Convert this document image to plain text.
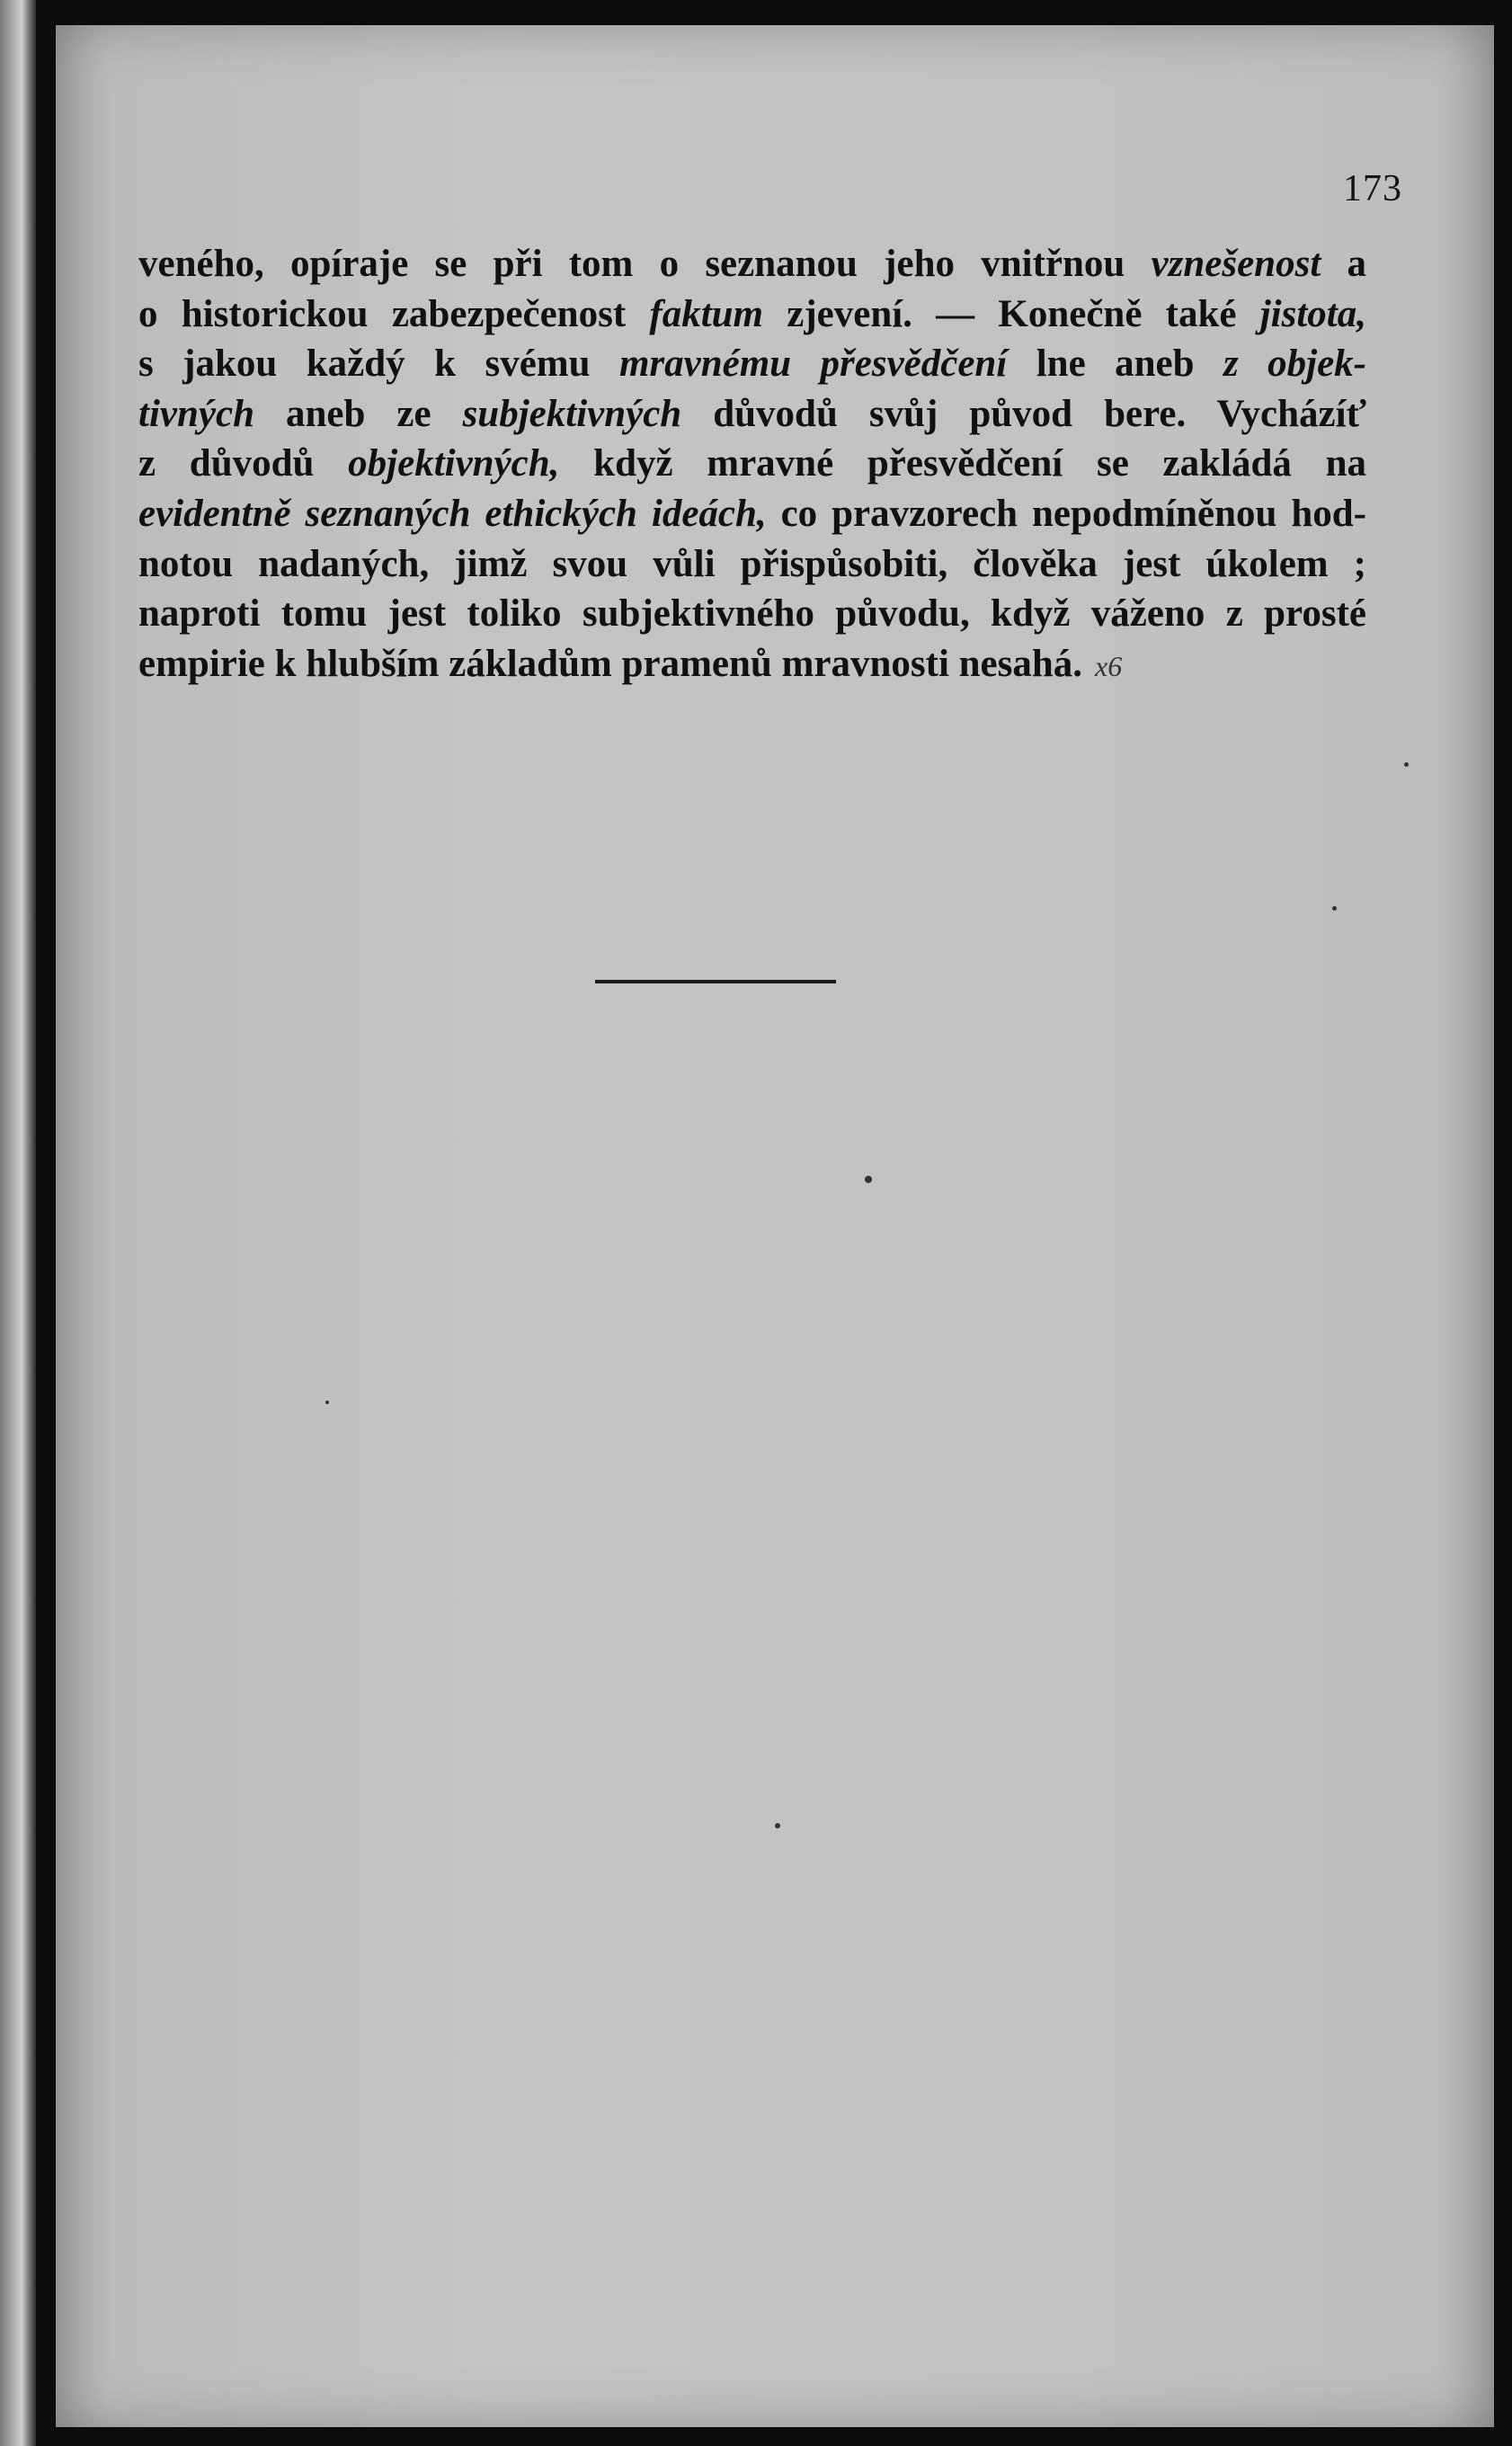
173

veného, opíraje se při tom o seznanou jeho vnitřnou vznešenost a
o historickou zabezpečenost faktum zjevení. — Konečně také jistota,
s jakou každý k svému mravnému přesvědčení lne aneb z objek-
tivných aneb ze subjektivných důvodů svůj původ bere. Vycházíť
z důvodů objektivných, když mravné přesvědčení se zakládá na
evidentně seznaných ethických ideách, co pravzorech nepodmíněnou hod-
notou nadaných, jimž svou vůli přispůsobiti, člověka jest úkolem ;
naproti tomu jest toliko subjektivného původu, když váženo z prosté
empirie k hlubším základům pramenů mravnosti nesahá. x6
